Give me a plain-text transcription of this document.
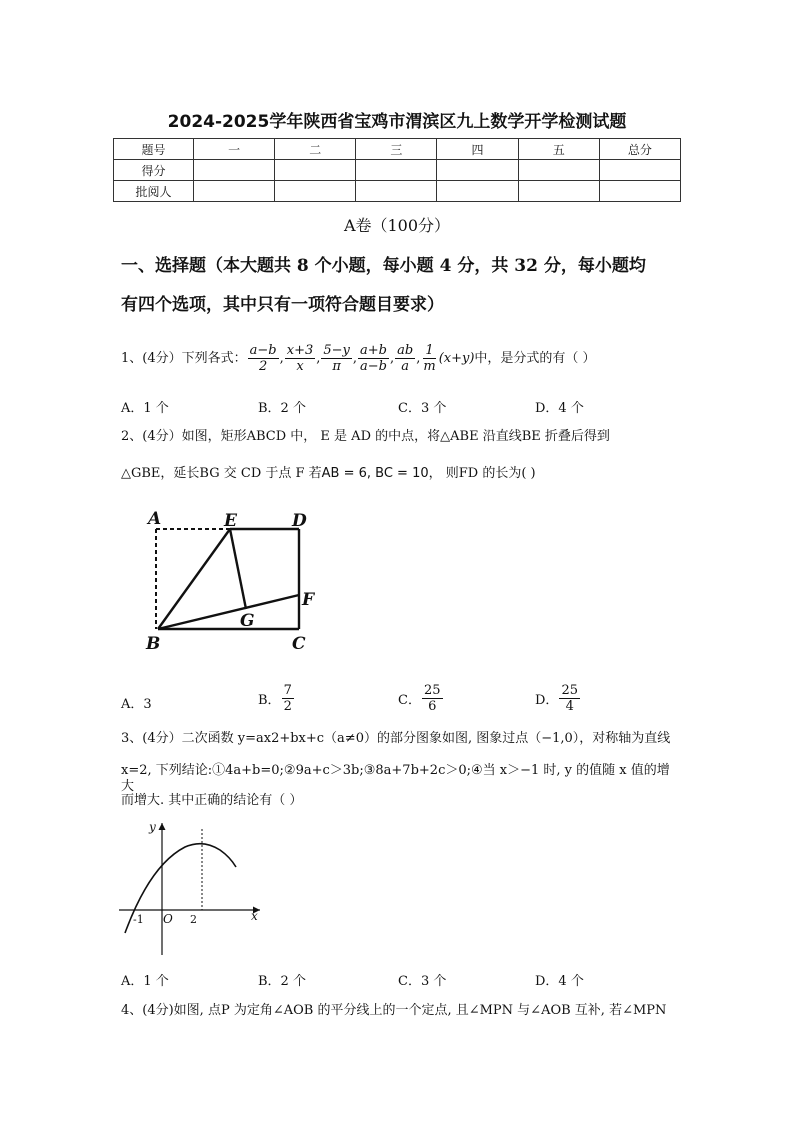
2024-2025学年陕西省宝鸡市渭滨区九上数学开学检测试题
题号	一	二	三	四	五	总分
得分						
批阅人						
A卷（100分）
一、选择题（本大题共 8 个小题，每小题 4 分，共 32 分，每小题均
有四个选项，其中只有一项符合题目要求）
1、(4分）下列各式： $\frac{a-b}{2}$ , $\frac{x+3}{x}$ , $\frac{5-y}{\pi}$ , $\frac{a+b}{a-b}$ , $\frac{ab}{a}$ , $\frac{1}{m} (x+y)$中，是分式的有（ ）
A．1 个	B．2 个	C．3 个	D．4 个
2、(4分）如图，矩形ABCD 中， E 是 AD 的中点，将△ABE 沿直线BE 折叠后得到
△GBE，延长BG 交 CD 于点 F 若AB = 6, BC = 10， 则FD 的长为( )
A	E	D
F
G
B	C
A．3	B． $\frac{7}{2}$	C． $\frac{25}{6}$	D． $\frac{25}{4}$
3、(4分）二次函数 y=ax2+bx+c（a≠0）的部分图象如图, 图象过点（−1,0），对称轴为直线
x=2, 下列结论:①4a+b=0;②9a+c＞3b;③8a+7b+2c＞0;④当 x＞−1 时, y 的值随 x 值的增大
而增大. 其中正确的结论有（ ）
y
x
O
-1	2
A．1 个	B．2 个	C．3 个	D．4 个
4、(4分)如图, 点P 为定角∠AOB 的平分线上的一个定点, 且∠MPN 与∠AOB 互补, 若∠MPN
